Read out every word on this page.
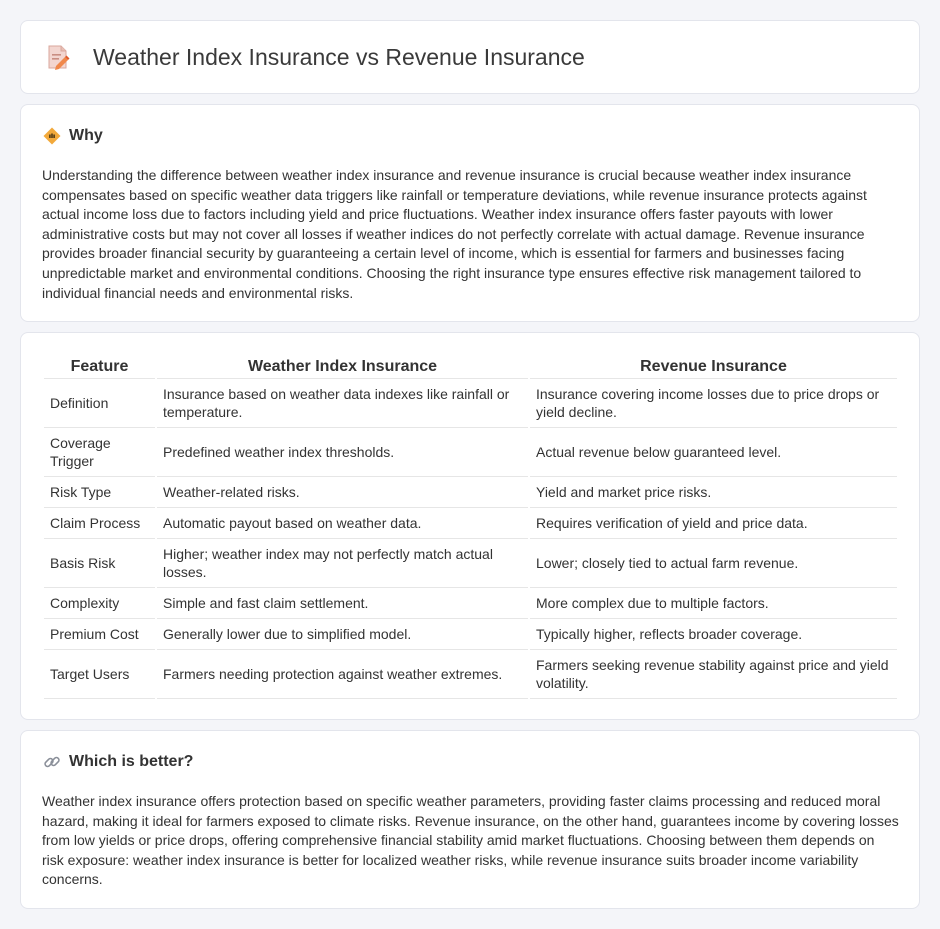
Weather Index Insurance vs Revenue Insurance
Why

Understanding the difference between weather index insurance and revenue insurance is crucial because weather index insurance compensates based on specific weather data triggers like rainfall or temperature deviations, while revenue insurance protects against actual income loss due to factors including yield and price fluctuations. Weather index insurance offers faster payouts with lower administrative costs but may not cover all losses if weather indices do not perfectly correlate with actual damage. Revenue insurance provides broader financial security by guaranteeing a certain level of income, which is essential for farmers and businesses facing unpredictable market and environmental conditions. Choosing the right insurance type ensures effective risk management tailored to individual financial needs and environmental risks.

Feature	Weather Index Insurance	Revenue Insurance
Definition	Insurance based on weather data indexes like rainfall or temperature.	Insurance covering income losses due to price drops or yield decline.
Coverage Trigger	Predefined weather index thresholds.	Actual revenue below guaranteed level.
Risk Type	Weather-related risks.	Yield and market price risks.
Claim Process	Automatic payout based on weather data.	Requires verification of yield and price data.
Basis Risk	Higher; weather index may not perfectly match actual losses.	Lower; closely tied to actual farm revenue.
Complexity	Simple and fast claim settlement.	More complex due to multiple factors.
Premium Cost	Generally lower due to simplified model.	Typically higher, reflects broader coverage.
Target Users	Farmers needing protection against weather extremes.	Farmers seeking revenue stability against price and yield volatility.
Which is better?

Weather index insurance offers protection based on specific weather parameters, providing faster claims processing and reduced moral hazard, making it ideal for farmers exposed to climate risks. Revenue insurance, on the other hand, guarantees income by covering losses from low yields or price drops, offering comprehensive financial stability amid market fluctuations. Choosing between them depends on risk exposure: weather index insurance is better for localized weather risks, while revenue insurance suits broader income variability concerns.
